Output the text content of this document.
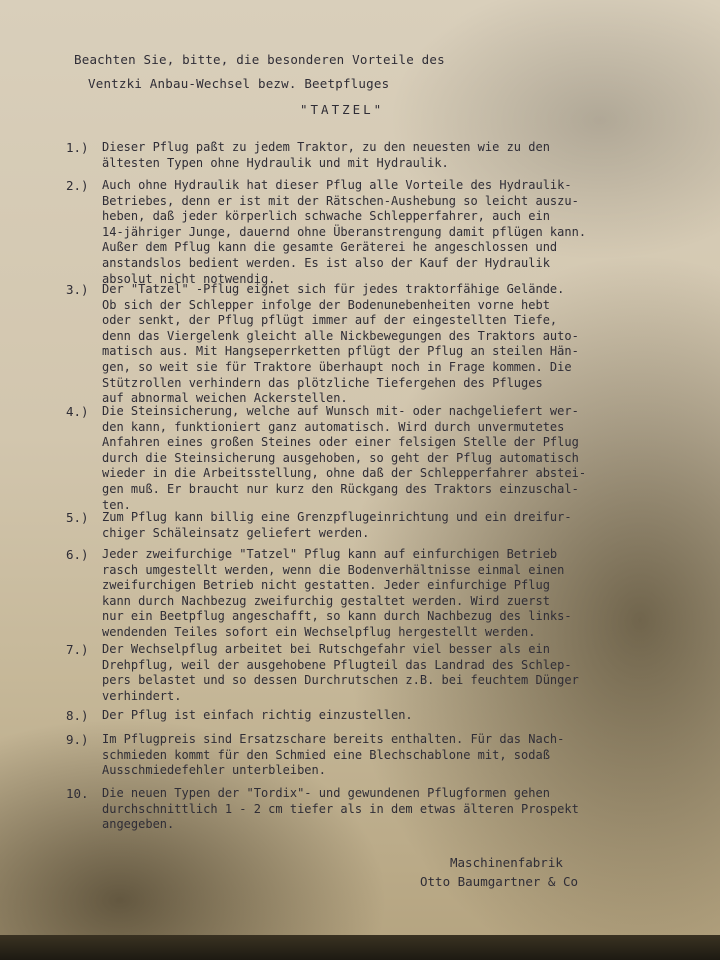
Beachten Sie, bitte, die besonderen Vorteile des
Ventzki Anbau-Wechsel bezw. Beetpfluges
"TATZEL"
1.) Dieser Pflug paßt zu jedem Traktor, zu den neuesten wie zu den
ältesten Typen ohne Hydraulik und mit Hydraulik.
2.) Auch ohne Hydraulik hat dieser Pflug alle Vorteile des Hydraulik-
Betriebes, denn er ist mit der Rätschen-Aushebung so leicht auszu-
heben, daß jeder körperlich schwache Schlepperfahrer, auch ein
14-jähriger Junge, dauernd ohne Überanstrengung damit pflügen kann.
Außer dem Pflug kann die gesamte Geräterei he angeschlossen und
anstandslos bedient werden. Es ist also der Kauf der Hydraulik
absolut nicht notwendig.
3.) Der "Tatzel" -Pflug eignet sich für jedes traktorfähige Gelände.
Ob sich der Schlepper infolge der Bodenunebenheiten vorne hebt
oder senkt, der Pflug pflügt immer auf der eingestellten Tiefe,
denn das Viergelenk gleicht alle Nickbewegungen des Traktors auto-
matisch aus. Mit Hangseperrketten pflügt der Pflug an steilen Hän-
gen, so weit sie für Traktore überhaupt noch in Frage kommen. Die
Stützrollen verhindern das plötzliche Tiefergehen des Pfluges
auf abnormal weichen Ackerstellen.
4.) Die Steinsicherung, welche auf Wunsch mit- oder nachgeliefert wer-
den kann, funktioniert ganz automatisch. Wird durch unvermutetes
Anfahren eines großen Steines oder einer felsigen Stelle der Pflug
durch die Steinsicherung ausgehoben, so geht der Pflug automatisch
wieder in die Arbeitsstellung, ohne daß der Schlepperfahrer abstei-
gen muß. Er braucht nur kurz den Rückgang des Traktors einzuschal-
ten.
5.) Zum Pflug kann billig eine Grenzpflugeinrichtung und ein dreifur-
chiger Schäleinsatz geliefert werden.
6.) Jeder zweifurchige "Tatzel" Pflug kann auf einfurchigen Betrieb
rasch umgestellt werden, wenn die Bodenverhältnisse einmal einen
zweifurchigen Betrieb nicht gestatten. Jeder einfurchige Pflug
kann durch Nachbezug zweifurchig gestaltet werden. Wird zuerst
nur ein Beetpflug angeschafft, so kann durch Nachbezug des links-
wendenden Teiles sofort ein Wechselpflug hergestellt werden.
7.) Der Wechselpflug arbeitet bei Rutschgefahr viel besser als ein
Drehpflug, weil der ausgehobene Pflugteil das Landrad des Schlep-
pers belastet und so dessen Durchrutschen z.B. bei feuchtem Dünger
verhindert.
8.) Der Pflug ist einfach richtig einzustellen.
9.) Im Pflugpreis sind Ersatzschare bereits enthalten. Für das Nach-
schmieden kommt für den Schmied eine Blechschablone mit, sodaß
Ausschmiedefehler unterbleiben.
10. Die neuen Typen der "Tordix"- und gewundenen Pflugformen gehen
durchschnittlich 1 - 2 cm tiefer als in dem etwas älteren Prospekt
angegeben.
Maschinenfabrik
Otto Baumgartner & Co
